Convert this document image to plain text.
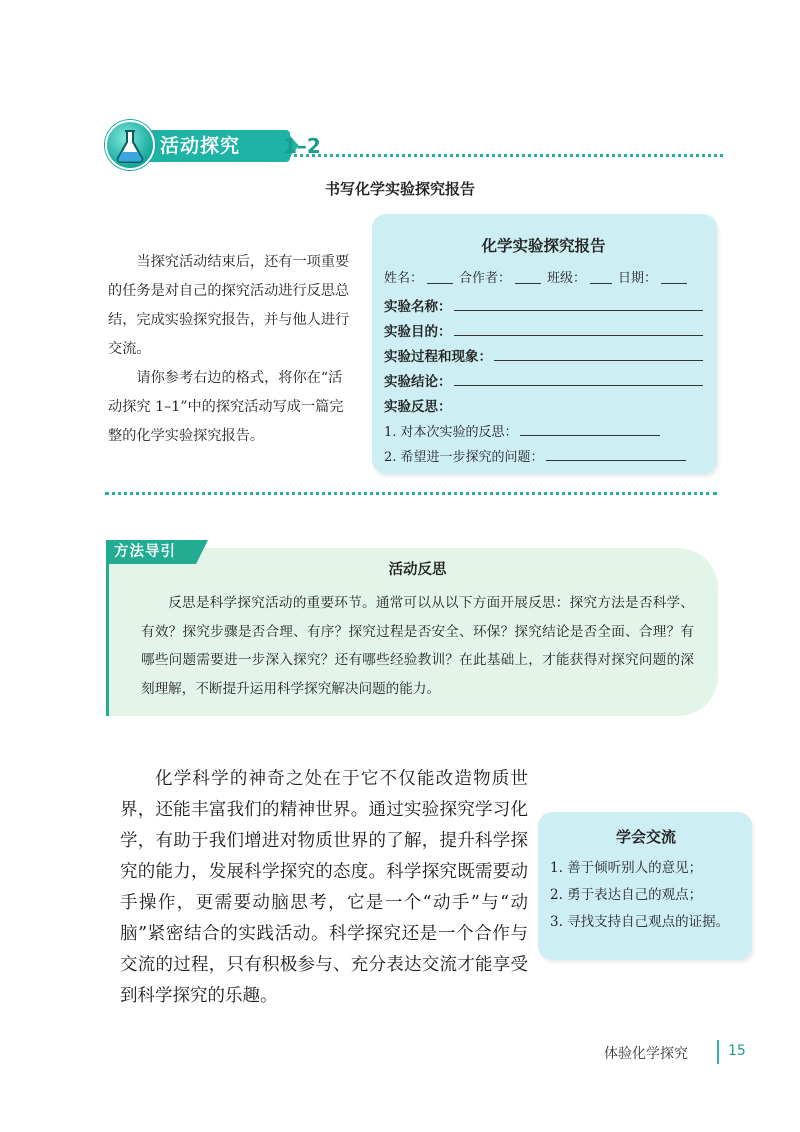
活动探究	1–2
书写化学实验探究报告

当探究活动结束后，还有一项重要的任务是对自己的探究活动进行反思总结，完成实验探究报告，并与他人进行交流。

请你参考右边的格式，将你在“活动探究 1–1”中的探究活动写成一篇完整的化学实验探究报告。

化学实验探究报告
姓名：	合作者：	班级： 日期：
实验名称：
实验目的：
实验过程和现象：
实验结论：
实验反思：
1. 对本次实验的反思：
2. 希望进一步探究的问题：
活动反思

反思是科学探究活动的重要环节。通常可以从以下方面开展反思：探究方法是否科学、有效？探究步骤是否合理、有序？探究过程是否安全、环保？探究结论是否全面、合理？有哪些问题需要进一步深入探究？还有哪些经验教训？在此基础上，才能获得对探究问题的深刻理解，不断提升运用科学探究解决问题的能力。

方法导引

化学科学的神奇之处在于它不仅能改造物质世界，还能丰富我们的精神世界。通过实验探究学习化学，有助于我们增进对物质世界的了解，提升科学探究的能力，发展科学探究的态度。科学探究既需要动手操作，更需要动脑思考，它是一个“动手”与“动脑”紧密结合的实践活动。科学探究还是一个合作与交流的过程，只有积极参与、充分表达交流才能享受到科学探究的乐趣。

学会交流
1. 善于倾听别人的意见；
2. 勇于表达自己的观点；
3. 寻找支持自己观点的证据。
体验化学探究	15
